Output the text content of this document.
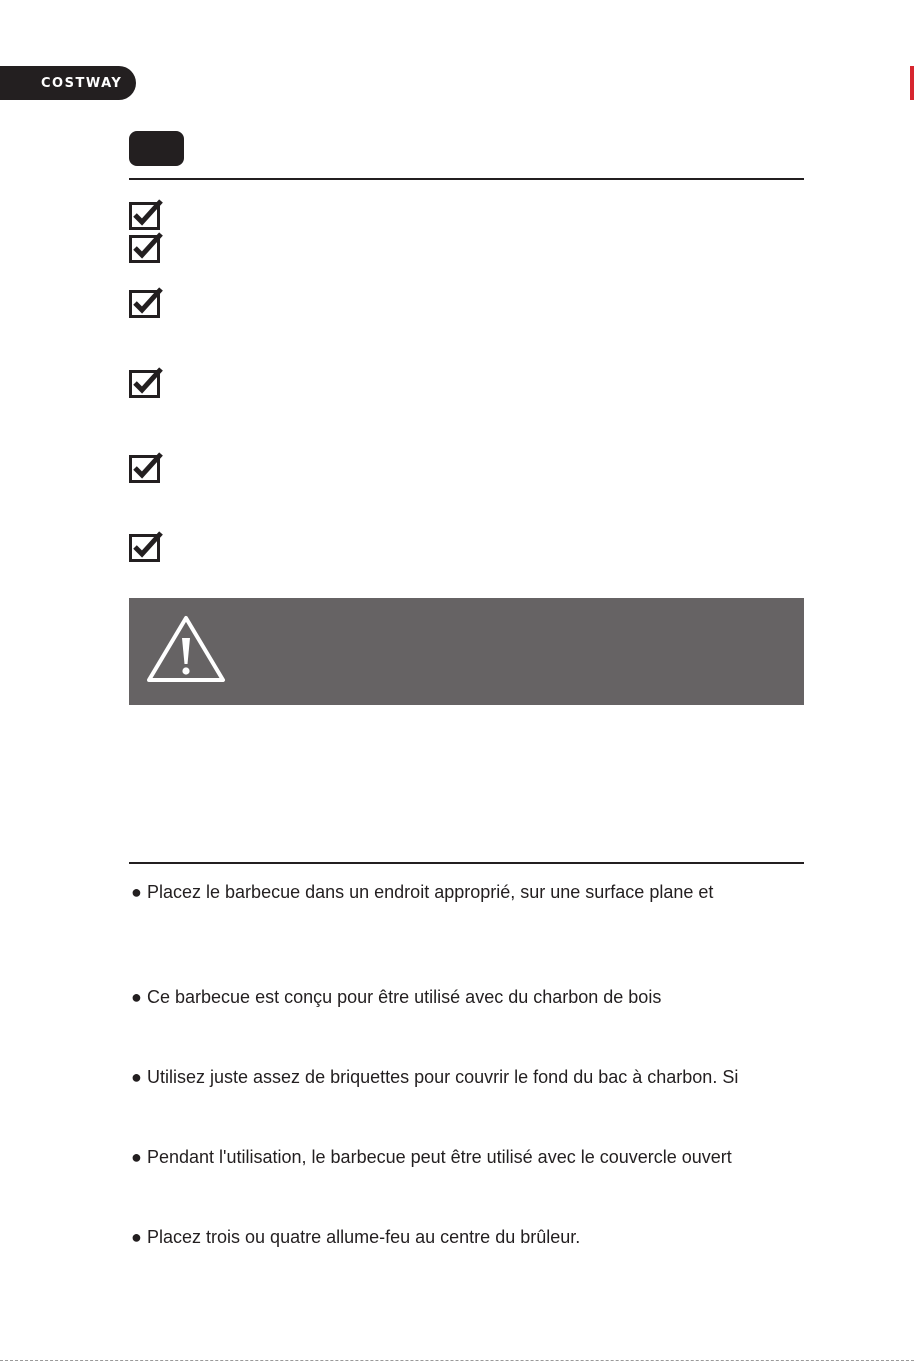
COSTWAY
● Placez le barbecue dans un endroit approprié, sur une surface plane et
● Ce barbecue est conçu pour être utilisé avec du charbon de bois
● Utilisez juste assez de briquettes pour couvrir le fond du bac à charbon. Si
● Pendant l'utilisation, le barbecue peut être utilisé avec le couvercle ouvert
● Placez trois ou quatre allume-feu au centre du brûleur.
